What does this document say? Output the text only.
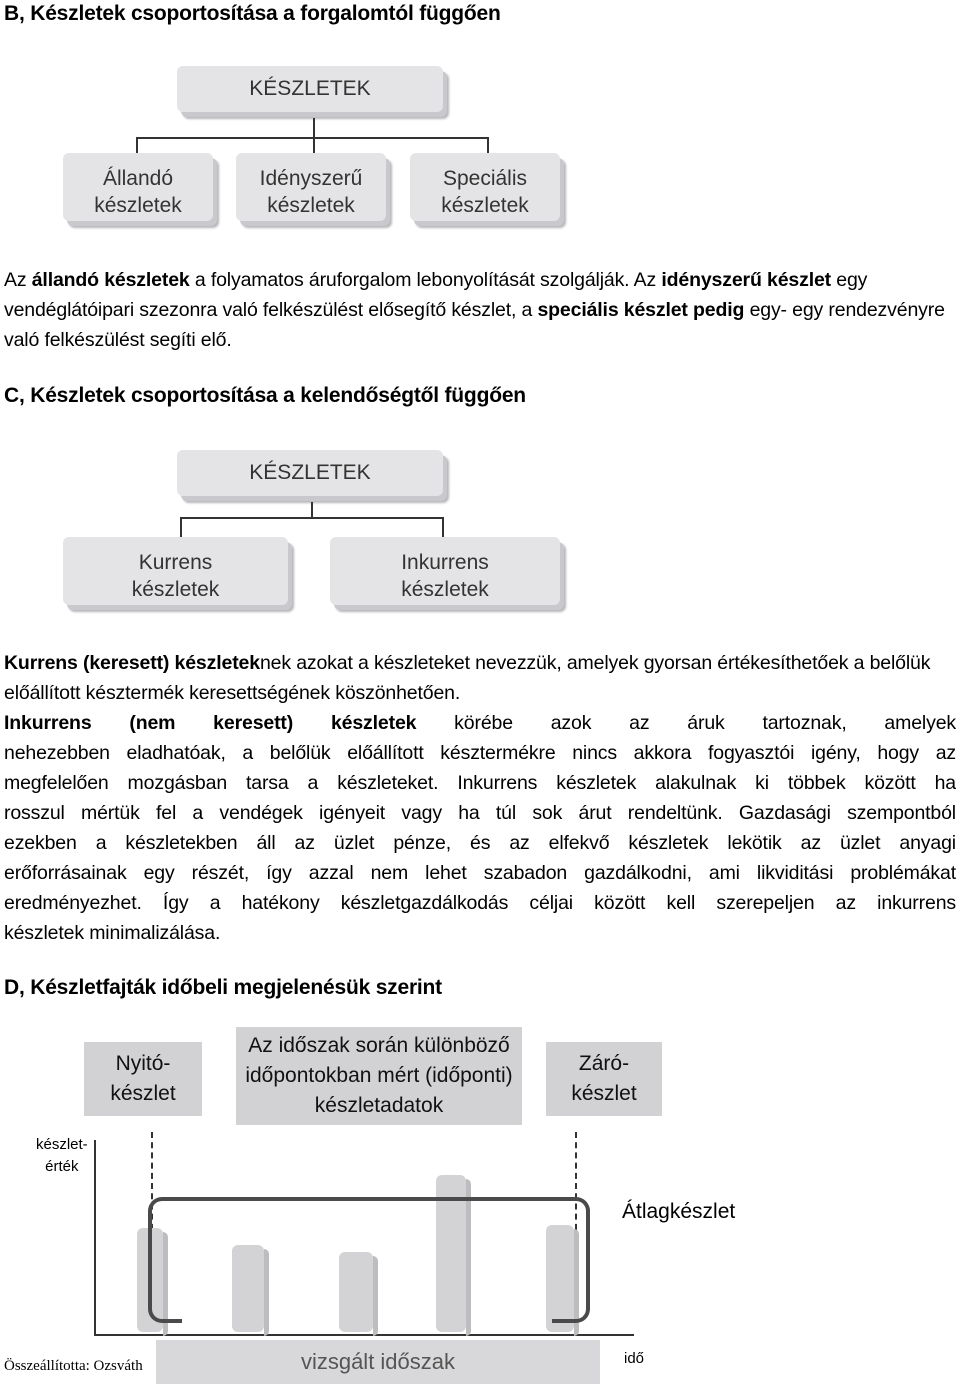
B, Készletek csoportosítása a forgalomtól függően
KÉSZLETEK
Állandó
készletek
Idényszerű
készletek
Speciális
készletek
Az állandó készletek a folyamatos áruforgalom lebonyolítását szolgálják. Az idényszerű készlet egy vendéglátóipari szezonra való felkészülést elősegítő készlet, a speciális készlet pedig egy- egy rendezvényre való felkészülést segíti elő.
C, Készletek csoportosítása a kelendőségtől függően
KÉSZLETEK
Kurrens
készletek
Inkurrens
készletek
Kurrens (keresett) készleteknek azokat a készleteket nevezzük, amelyek gyorsan értékesíthetőek a belőlük előállított késztermék keresettségének köszönhetően.
Inkurrens (nem keresett) készletek körébe azok az áruk tartoznak, amelyek
nehezebben eladhatóak, a belőlük előállított késztermékre nincs akkora fogyasztói igény, hogy az
megfelelően mozgásban tarsa a készleteket. Inkurrens készletek alakulnak ki többek között ha
rosszul mértük fel a vendégek igényeit vagy ha túl sok árut rendeltünk. Gazdasági szempontból
ezekben a készletekben áll az üzlet pénze, és az elfekvő készletek lekötik az üzlet anyagi
erőforrásainak egy részét, így azzal nem lehet szabadon gazdálkodni, ami likviditási problémákat
eredményezhet. Így a hatékony készletgazdálkodás céljai között kell szerepeljen az inkurrens
készletek minimalizálása.
D, Készletfajták időbeli megjelenésük szerint
Nyitó-
készlet
Az időszak során különböző
időpontokban mért (időponti)
készletadatok
Záró-
készlet
készlet-
érték
Átlagkészlet
vizsgált időszak	idő
Összeállította: Ozsváth
